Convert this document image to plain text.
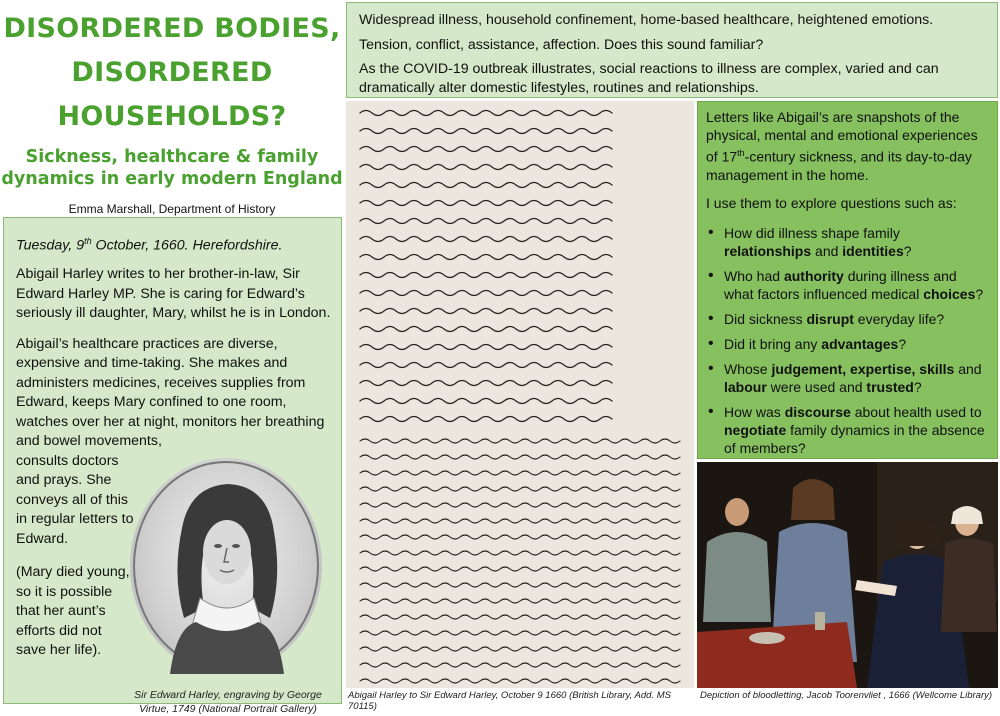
DISORDERED BODIES,
DISORDERED
HOUSEHOLDS?
Sickness, healthcare & family
dynamics in early modern England
Emma Marshall, Department of History

Widespread illness, household confinement, home-based healthcare, heightened emotions.

Tension, conflict, assistance, affection. Does this sound familiar?

As the COVID-19 outbreak illustrates, social reactions to illness are complex, varied and can dramatically alter domestic lifestyles, routines and relationships.

Tuesday, 9th October, 1660. Herefordshire.

Abigail Harley writes to her brother-in-law, Sir Edward Harley MP. She is caring for Edward’s seriously ill daughter, Mary, whilst he is in London.

Abigail’s healthcare practices are diverse, expensive and time-taking. She makes and administers medicines, receives supplies from Edward, keeps Mary confined to one room, watches over her at night, monitors her breathing and bowel movements,

consults doctors and prays. She conveys all of this in regular letters to Edward.

(Mary died young, so it is possible that her aunt’s efforts did not save her life).

Sir Edward Harley, engraving by George Virtue, 1749 (National Portrait Gallery)
Abigail Harley to Sir Edward Harley, October 9 1660 (British Library, Add. MS 70115)

Letters like Abigail’s are snapshots of the physical, mental and emotional experiences of 17th-century sickness, and its day-to-day management in the home.

I use them to explore questions such as:

• How did illness shape family relationships and identities?
• Who had authority during illness and what factors influenced medical choices?
• Did sickness disrupt everyday life?
• Did it bring any advantages?
• Whose judgement, expertise, skills and labour were used and trusted?
• How was discourse about health used to negotiate family dynamics in the absence of members?
Depiction of bloodletting, Jacob Toorenvliet , 1666 (Wellcome Library)
